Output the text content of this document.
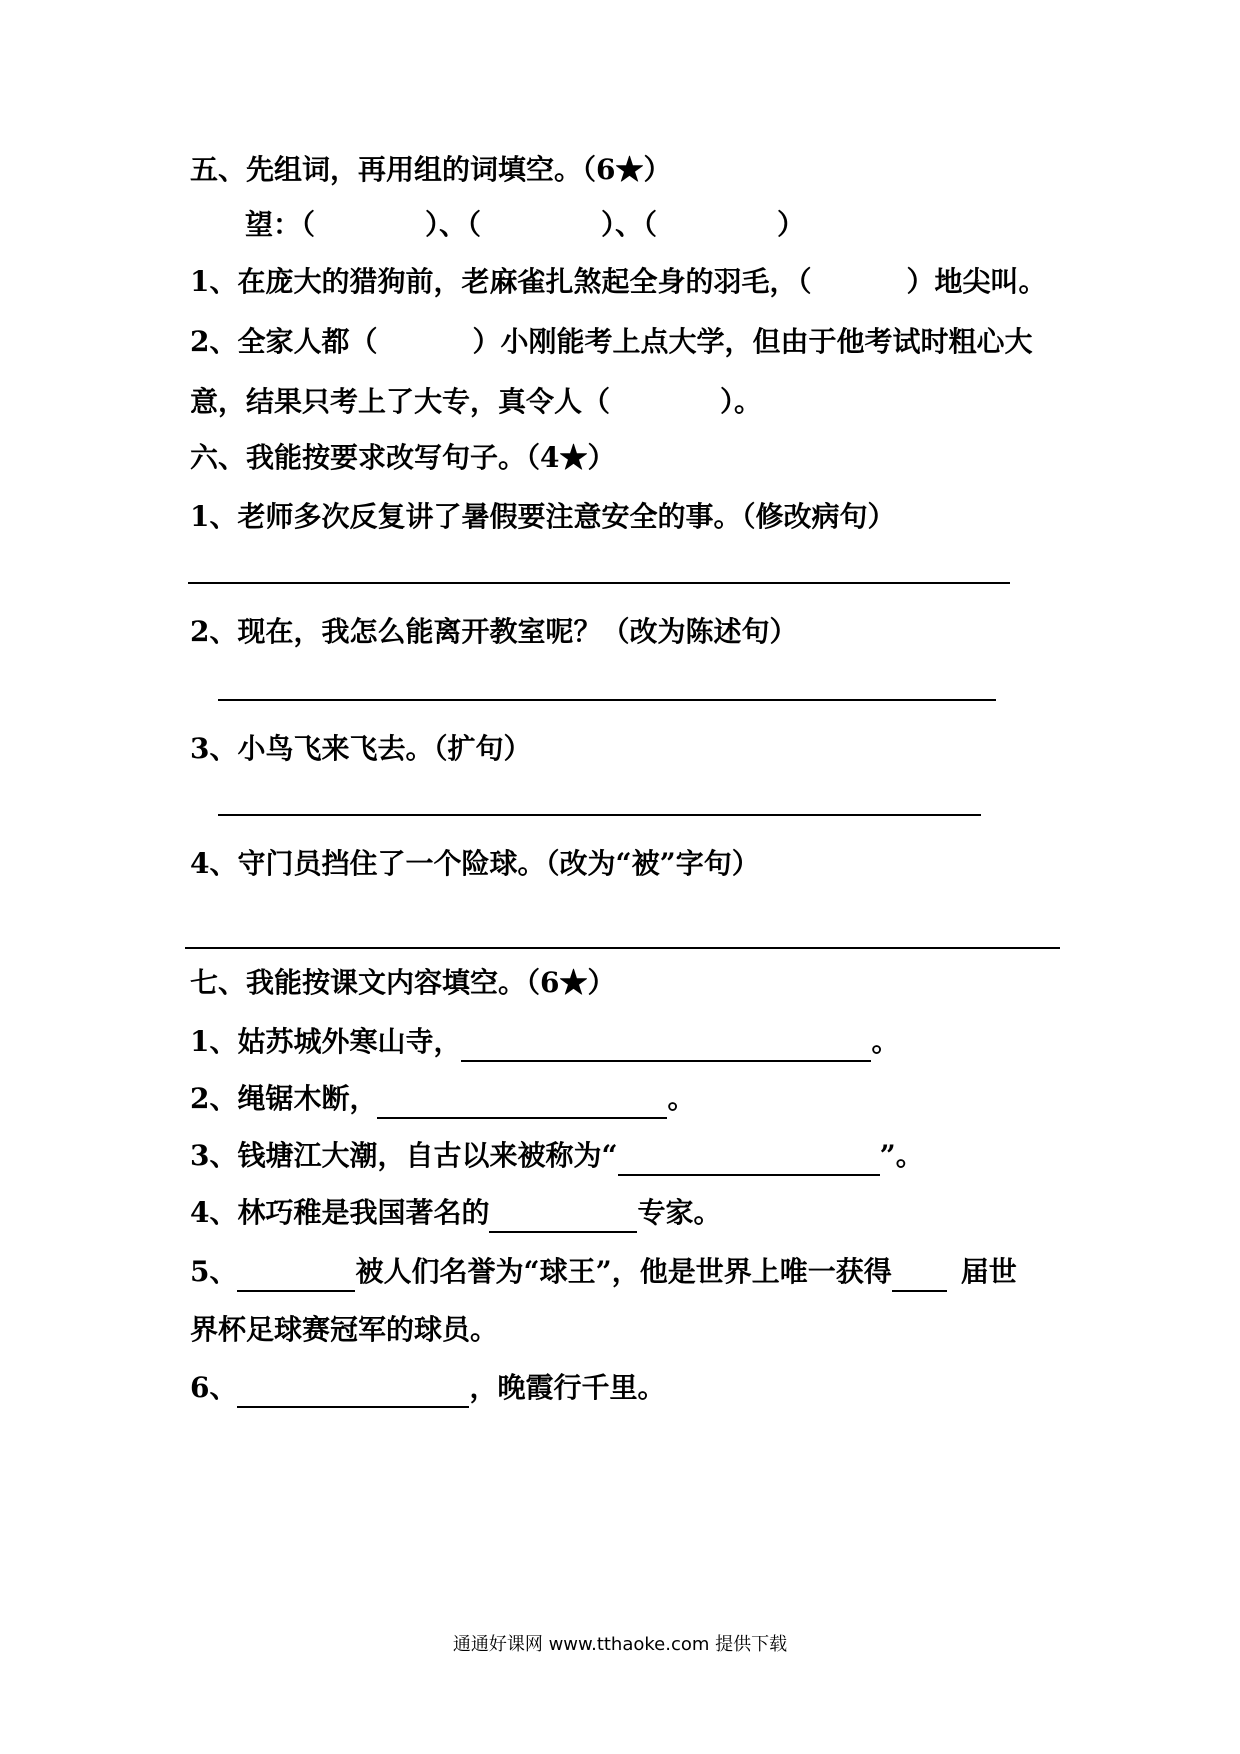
五、先组词，再用组的词填空。（6★）
望：（	）、（	）、（	）
1、在庞大的猎狗前，老麻雀扎煞起全身的羽毛，（	）地尖叫。
2、全家人都（	）小刚能考上点大学，但由于他考试时粗心大
意，结果只考上了大专，真令人（	）。
六、我能按要求改写句子。（4★）
1、老师多次反复讲了暑假要注意安全的事。（修改病句）
2、现在，我怎么能离开教室呢？（改为陈述句）
3、小鸟飞来飞去。（扩句）
4、守门员挡住了一个险球。（改为“被”字句）
七、我能按课文内容填空。（6★）
1、姑苏城外寒山寺，	。
2、绳锯木断，	。
3、钱塘江大潮，自古以来被称为“	”。
4、林巧稚是我国著名的	专家。
5、	被人们名誉为“球王”，他是世界上唯一获得 届世
界杯足球赛冠军的球员。
6、	，晚霞行千里。
通通好课网 www.tthaoke.com 提供下载
